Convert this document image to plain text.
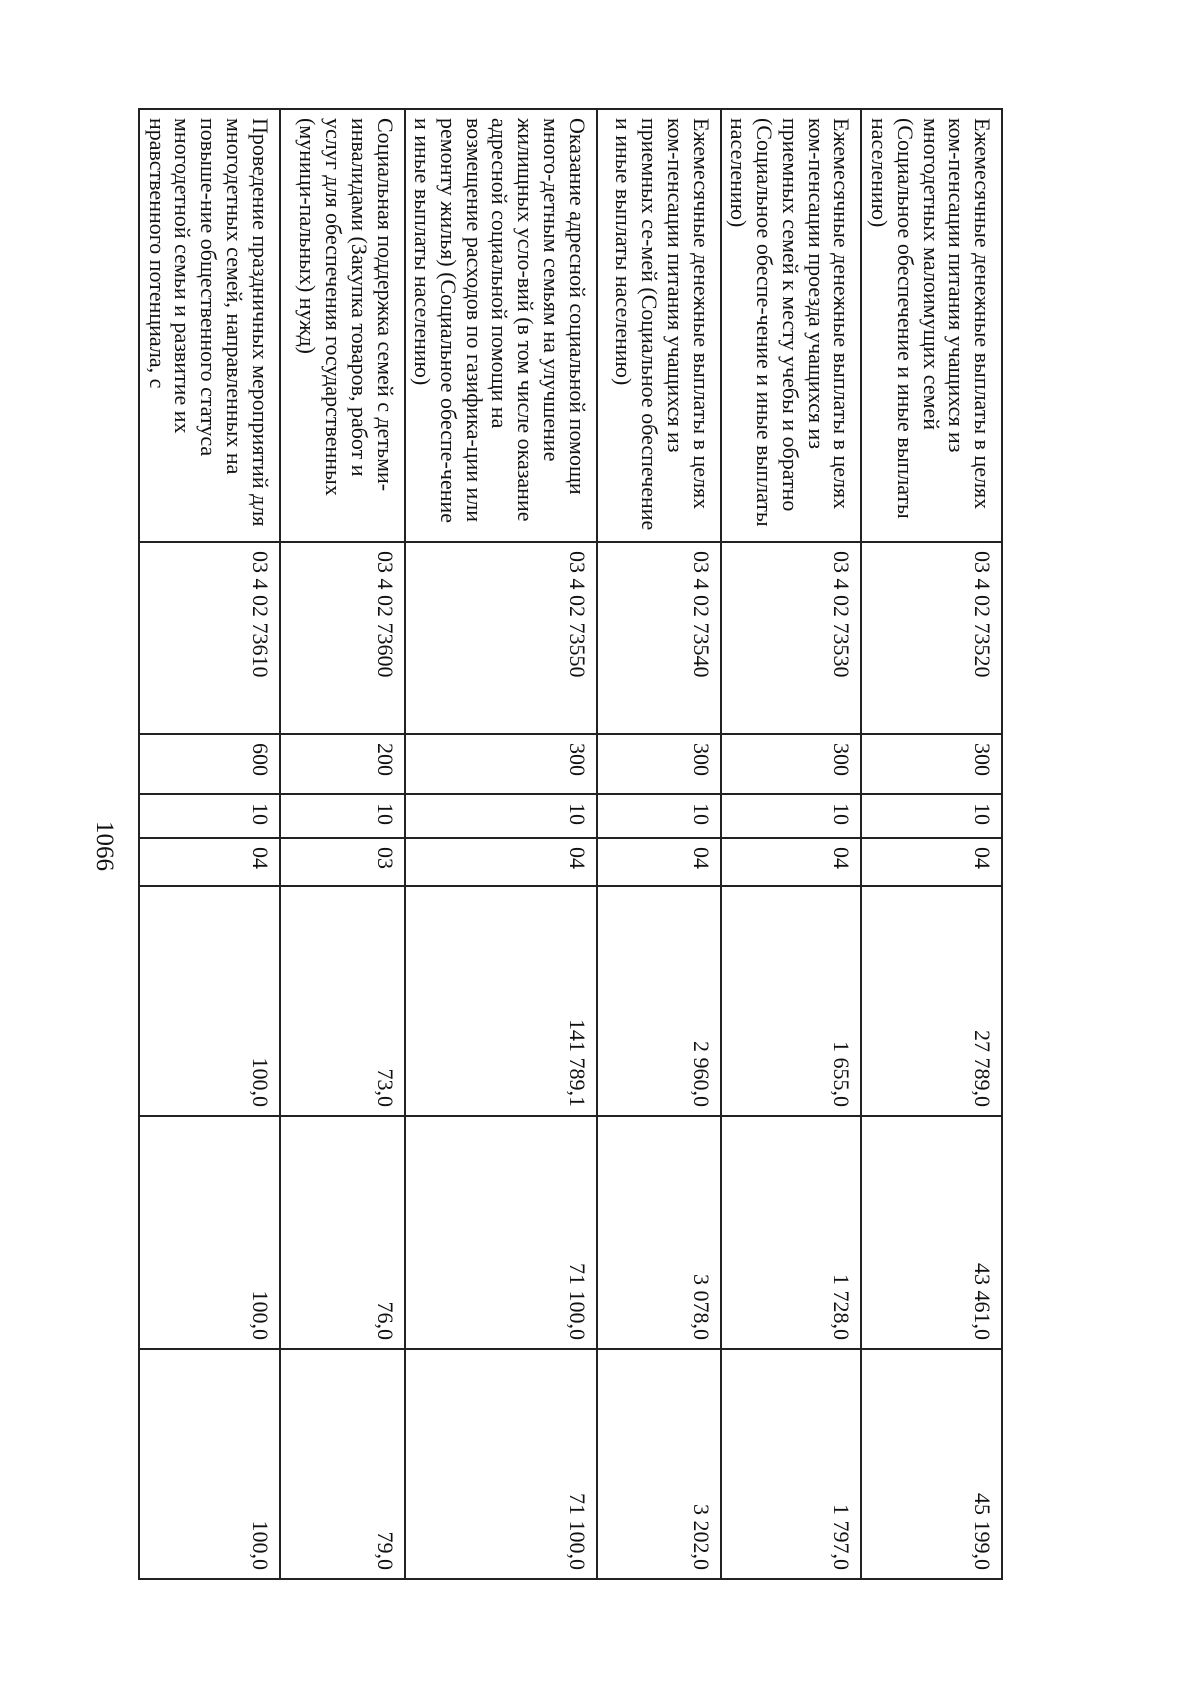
1066
Ежемесячные денежные выплаты в целях ком-пенсации питания учащихся из многодетных малоимущих семей (Социальное обеспечение и иные выплаты населению)	03 4 02 73520	300	10	04	27 789,0	43 461,0	45 199,0
Ежемесячные денежные выплаты в целях ком-пенсации проезда учащихся из приемных семей к месту учебы и обратно (Социальное обеспе-чение и иные выплаты населению)	03 4 02 73530	300	10	04	1 655,0	1 728,0	1 797,0
Ежемесячные денежные выплаты в целях ком-пенсации питания учащихся из приемных се-мей (Социальное обеспечение и иные выплаты населению)	03 4 02 73540	300	10	04	2 960,0	3 078,0	3 202,0
Оказание адресной социальной помощи много-детным семьям на улучшение жилищных усло-вий (в том числе оказание адресной социальной помощи на возмещение расходов по газифика-ции или ремонту жилья) (Социальное обеспе-чение и иные выплаты населению)	03 4 02 73550	300	10	04	141 789,1	71 100,0	71 100,0
Социальная поддержка семей с детьми-инвалидами (Закупка товаров, работ и услуг для обеспечения государственных (муници-пальных) нужд)	03 4 02 73600	200	10	03	73,0	76,0	79,0
Проведение праздничных мероприятий для многодетных семей, направленных на повыше-ние общественного статуса многодетной семьи и развитие их нравственного потенциала, с	03 4 02 73610	600	10	04	100,0	100,0	100,0
